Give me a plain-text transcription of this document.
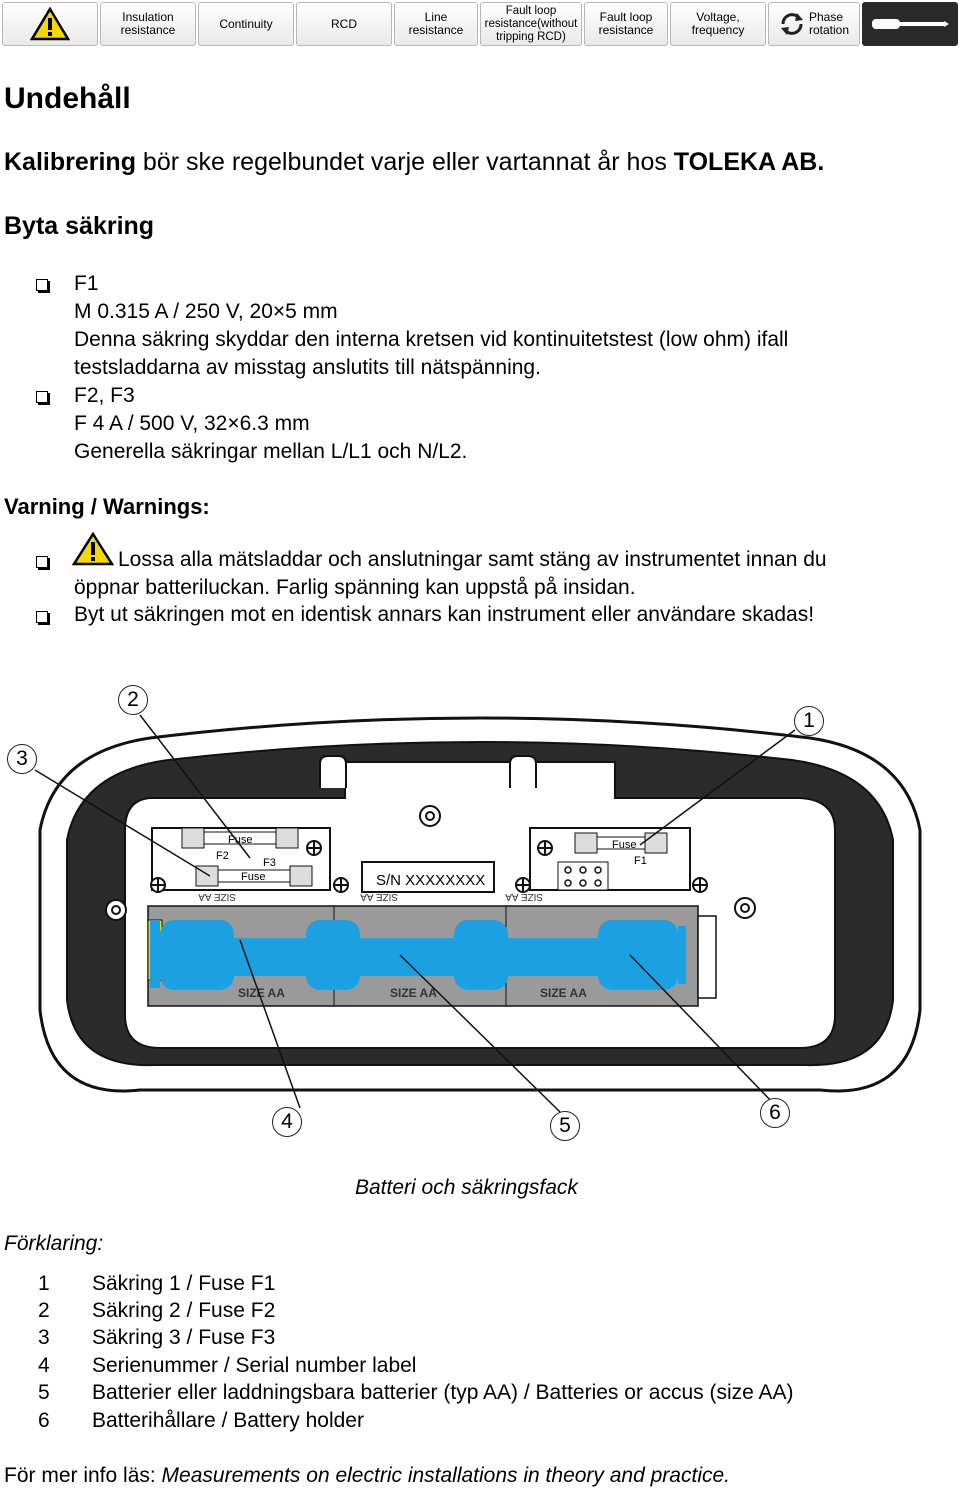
Insulation
resistance	Continuity	RCD	Line
resistance
Fault loop
resistance(without
tripping RCD)
Fault loop
resistance
Voltage,
frequency
Phase
rotation
Undehåll
Kalibrering bör ske regelbundet varje eller vartannat år hos TOLEKA AB.
Byta säkring
F1
M 0.315 A / 250 V, 20×5 mm
Denna säkring skyddar den interna kretsen vid kontinuitetstest (low ohm) ifall
testsladdarna av misstag anslutits till nätspänning.
F2, F3
F 4 A / 500 V, 32×6.3 mm
Generella säkringar mellan L/L1 och N/L2.
Varning / Warnings:
Lossa alla mätsladdar och anslutningar samt stäng av instrumentet innan du
öppnar batteriluckan. Farlig spänning kan uppstå på insidan.
Byt ut säkringen mot en identisk annars kan instrument eller användare skadas!
Fuse
F2
F3
Fuse	S/N XXXXXXXX
Fuse
F1
SIZE AA	SIZE AA	SIZE AA
SIZE AA	SIZE AA	SIZE AA
2
1
3
4	5
6
Batteri och säkringsfack
Förklaring:
1 Säkring 1 / Fuse F1
2 Säkring 2 / Fuse F2
3 Säkring 3 / Fuse F3
4 Serienummer / Serial number label
5 Batterier eller laddningsbara batterier (typ AA) / Batteries or accus (size AA)
6 Batterihållare / Battery holder
För mer info läs: Measurements on electric installations in theory and practice.
